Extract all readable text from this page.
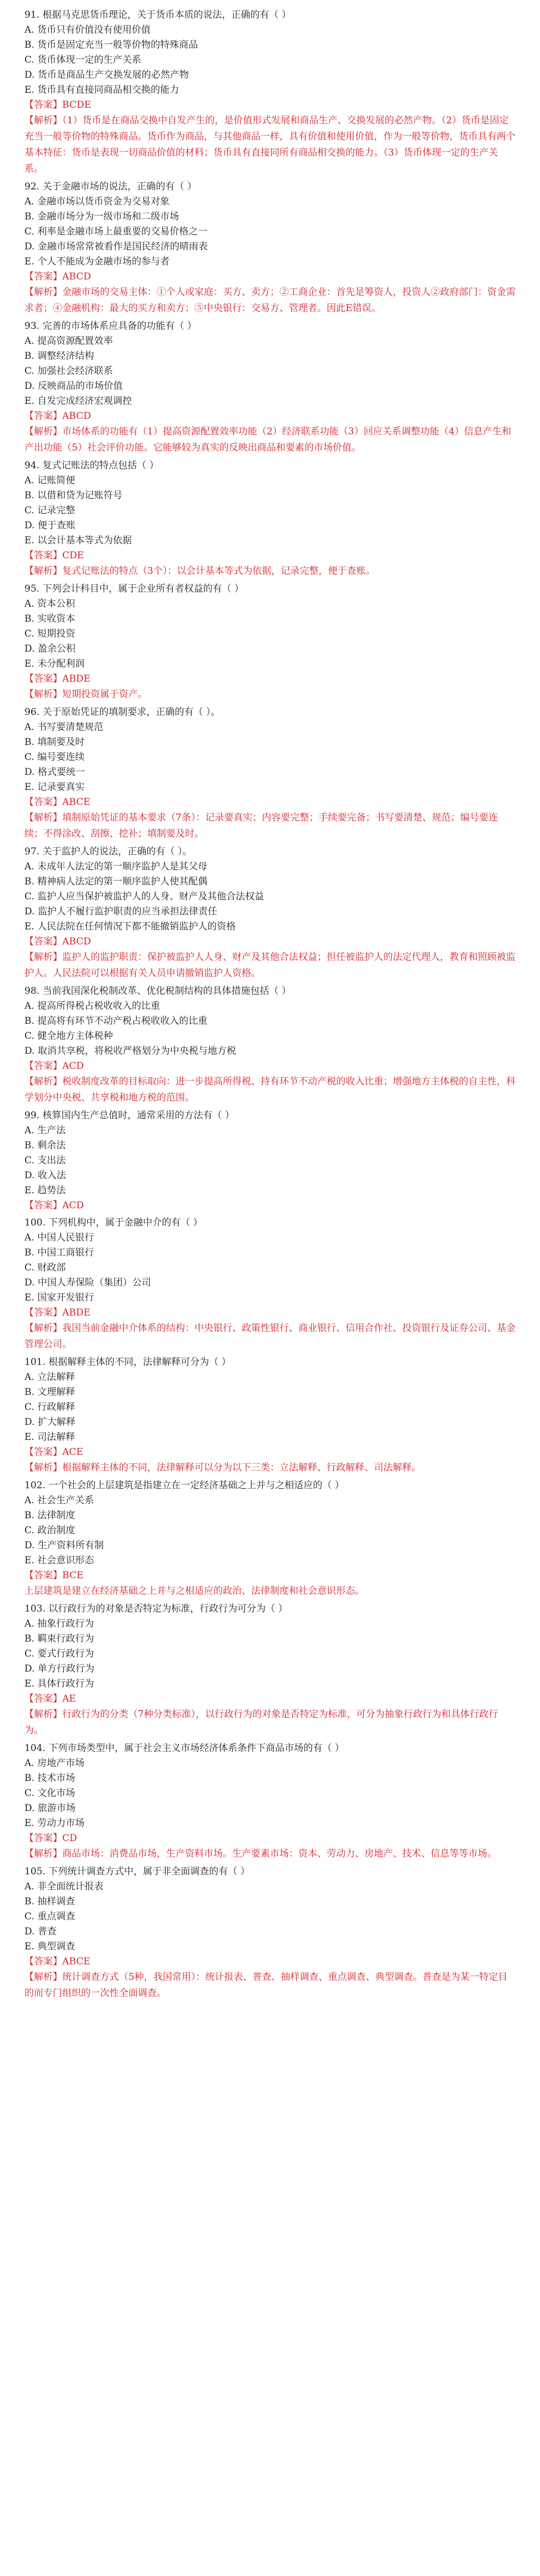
91. 根据马克思货币理论，关于货币本质的说法，正确的有（ ）
A. 货币只有价值没有使用价值
B. 货币是固定充当一般等价物的特殊商品
C. 货币体现一定的生产关系
D. 货币是商品生产交换发展的必然产物
E. 货币具有直接同商品相交换的能力
【答案】BCDE
【解析】（1）货币是在商品交换中自发产生的，是价值形式发展和商品生产、交换发展的必然产物。（2）货币是固定充当一般等价物的特殊商品。货币作为商品，与其他商品一样，具有价值和使用价值，作为一般等价物，货币具有两个基本特征：货币是表现一切商品价值的材料；货币具有直接同所有商品相交换的能力。（3）货币体现一定的生产关系。
92. 关于金融市场的说法，正确的有（ ）
A. 金融市场以货币资金为交易对象
B. 金融市场分为一级市场和二级市场
C. 利率是金融市场上最重要的交易价格之一
D. 金融市场常常被看作是国民经济的晴雨表
E. 个人不能成为金融市场的参与者
【答案】ABCD
【解析】金融市场的交易主体：①个人或家庭：买方、卖方；②工商企业：首先是筹资人，投资人②政府部门：资金需求者；④金融机构：最大的买方和卖方；⑤中央银行：交易方、管理者。因此E错误。
93. 完善的市场体系应具备的功能有（ ）
A. 提高资源配置效率
B. 调整经济结构
C. 加强社会经济联系
D. 反映商品的市场价值
E. 自发完成经济宏观调控
【答案】ABCD
【解析】市场体系的功能有（1）提高资源配置效率功能（2）经济联系功能（3）回应关系调整功能（4）信息产生和产出功能（5）社会评价功能。它能够较为真实的反映出商品和要素的市场价值。
94. 复式记账法的特点包括（ ）
A. 记账简便
B. 以借和贷为记账符号
C. 记录完整
D. 便于查账
E. 以会计基本等式为依据
【答案】CDE
【解析】复式记账法的特点（3个）：以会计基本等式为依据，记录完整，便于查账。
95. 下列会计科目中，属于企业所有者权益的有（ ）
A. 资本公积
B. 实收资本
C. 短期投资
D. 盈余公积
E. 未分配利润
【答案】ABDE
【解析】短期投资属于资产。
96. 关于原始凭证的填制要求，正确的有（ ）。
A. 书写要清楚规范
B. 填制要及时
C. 编号要连续
D. 格式要统一
E. 记录要真实
【答案】ABCE
【解析】填制原始凭证的基本要求（7条）：记录要真实；内容要完整；手续要完备；书写要清楚、规范；编号要连续；不得涂改、刮擦、挖补；填制要及时。
97. 关于监护人的说法，正确的有（ ）。
A. 未成年人法定的第一顺序监护人是其父母
B. 精神病人法定的第一顺序监护人使其配偶
C. 监护人应当保护被监护人的人身、财产及其他合法权益
D. 监护人不履行监护职责的应当承担法律责任
E. 人民法院在任何情况下都不能撤销监护人的资格
【答案】ABCD
【解析】监护人的监护职责：保护被监护人人身、财产及其他合法权益；担任被监护人的法定代理人，教育和照顾被监护人。人民法院可以根据有关人员申请撤销监护人资格。
98. 当前我国深化税制改革、优化税制结构的具体措施包括（ ）
A. 提高所得税占税收收入的比重
B. 提高将有环节不动产税占税收收入的比重
C. 健全地方主体税种
D. 取消共享税，将税收严格划分为中央税与地方税
【答案】ACD
【解析】税收制度改革的目标取向：进一步提高所得税、持有环节不动产税的收入比重；增强地方主体税的自主性，科学划分中央税、共享税和地方税的范围。
99. 核算国内生产总值时，通常采用的方法有（ ）
A. 生产法
B. 剩余法
C. 支出法
D. 收入法
E. 趋势法
【答案】ACD
100. 下列机构中，属于金融中介的有（ ）
A. 中国人民银行
B. 中国工商银行
C. 财政部
D. 中国人寿保险（集团）公司
E. 国家开发银行
【答案】ABDE
【解析】我国当前金融中介体系的结构：中央银行、政策性银行、商业银行、信用合作社、投资银行及证券公司、基金管理公司。
101. 根据解释主体的不同，法律解释可分为（ ）
A. 立法解释
B. 文理解释
C. 行政解释
D. 扩大解释
E. 司法解释
【答案】ACE
【解析】根据解释主体的不同，法律解释可以分为以下三类：立法解释、行政解释、司法解释。
102. 一个社会的上层建筑是指建立在一定经济基础之上并与之相适应的（ ）
A. 社会生产关系
B. 法律制度
C. 政治制度
D. 生产资料所有制
E. 社会意识形态
【答案】BCE
上层建筑是建立在经济基础之上并与之相适应的政治、法律制度和社会意识形态。
103. 以行政行为的对象是否特定为标准，行政行为可分为（ ）
A. 抽象行政行为
B. 羁束行政行为
C. 要式行政行为
D. 单方行政行为
E. 具体行政行为
【答案】AE
【解析】行政行为的分类（7种分类标准），以行政行为的对象是否特定为标准，可分为抽象行政行为和具体行政行为。
104. 下列市场类型中，属于社会主义市场经济体系条件下商品市场的有（ ）
A. 房地产市场
B. 技术市场
C. 文化市场
D. 旅游市场
E. 劳动力市场
【答案】CD
【解析】商品市场：消费品市场，生产资料市场。生产要素市场：资本、劳动力、房地产、技术、信息等等市场。
105. 下列统计调查方式中，属于非全面调查的有（ ）
A. 非全面统计报表
B. 抽样调查
C. 重点调查
D. 普查
E. 典型调查
【答案】ABCE
【解析】统计调查方式（5种，我国常用）：统计报表、普查、抽样调查、重点调查、典型调查。普查是为某一特定目的而专门组织的一次性全面调查。
